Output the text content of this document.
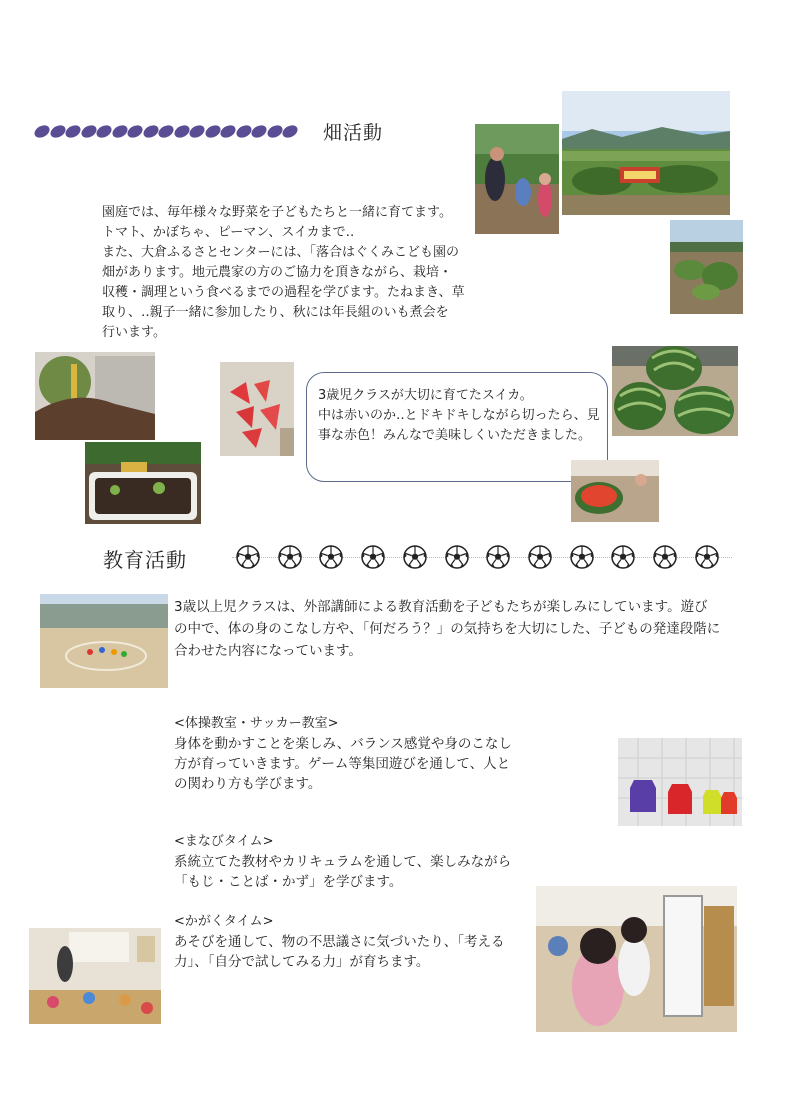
畑活動
園庭では、毎年様々な野菜を子どもたちと一緒に育てます。
トマト、かぼちゃ、ピーマン、スイカまで‥
また、大倉ふるさとセンターには、「落合はぐくみこども園の
畑があります。地元農家の方のご協力を頂きながら、栽培・
収穫・調理という食べるまでの過程を学びます。たねまき、草
取り、‥親子一緒に参加したり、秋には年長組のいも煮会を
行います。
3歳児クラスが大切に育てたスイカ。
中は赤いのか‥とドキドキしながら切ったら、見
事な赤色！みんなで美味しくいただきました。
教育活動
3歳以上児クラスは、外部講師による教育活動を子どもたちが楽しみにしています。遊び
の中で、体の身のこなし方や、「何だろう？」の気持ちを大切にした、子どもの発達段階に
合わせた内容になっています。
<体操教室・サッカー教室>
身体を動かすことを楽しみ、バランス感覚や身のこなし
方が育っていきます。ゲーム等集団遊びを通して、人と
の関わり方も学びます。
<まなびタイム>
系統立てた教材やカリキュラムを通して、楽しみながら
「もじ・ことば・かず」を学びます。
<かがくタイム>
あそびを通して、物の不思議さに気づいたり、「考える
力」、「自分で試してみる力」が育ちます。
